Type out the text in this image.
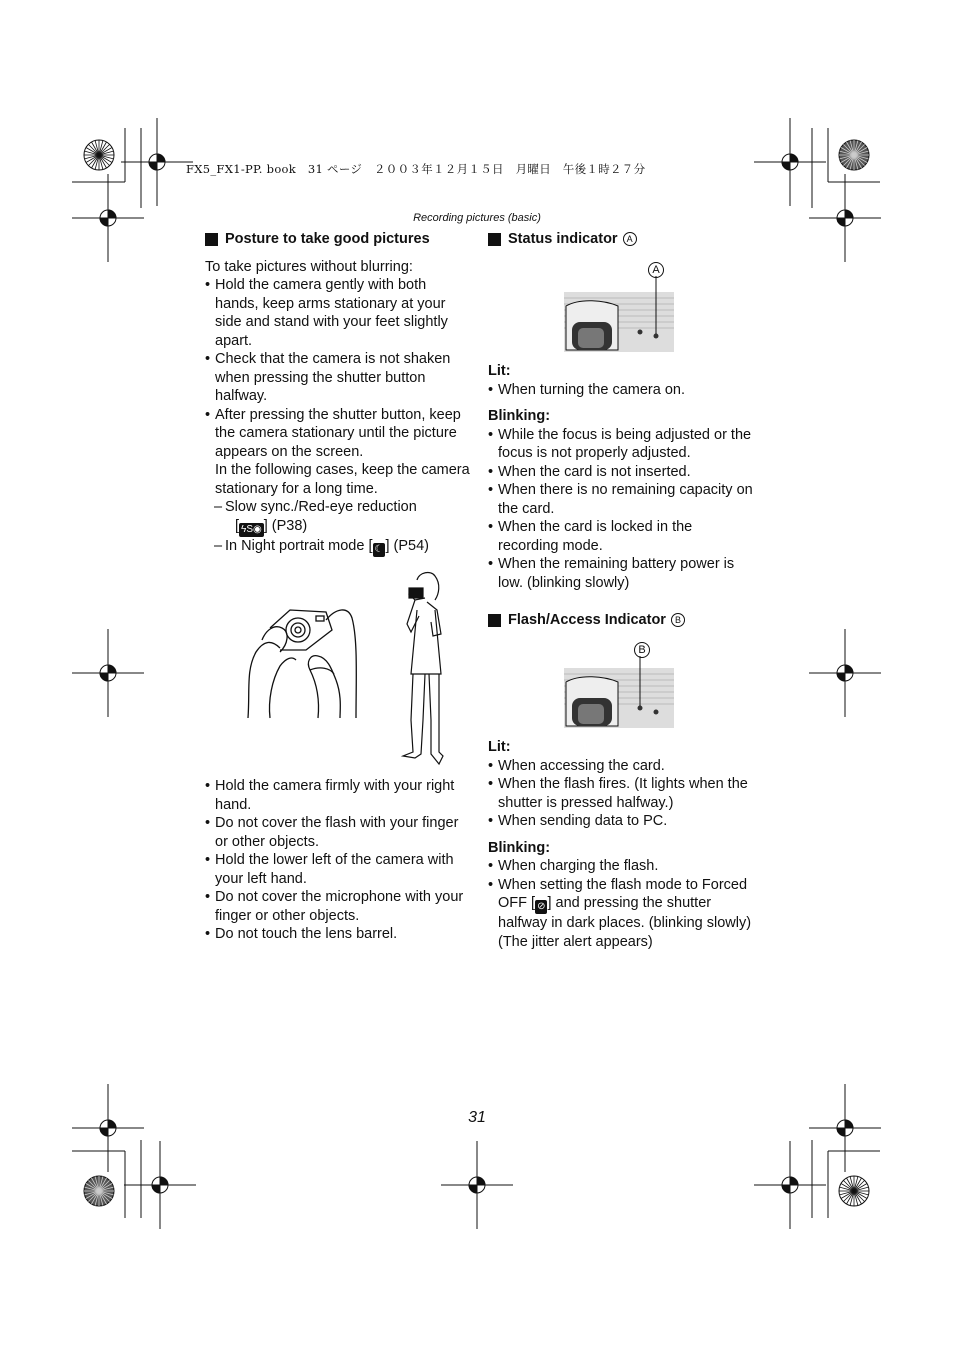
FX5_FX1-PP. book　31 ページ　２００３年１２月１５日　月曜日　午後１時２７分
Recording pictures (basic)
Posture to take good pictures
To take pictures without blurring:
• Hold the camera gently with both hands, keep arms stationary at your side and stand with your feet slightly apart.
• Check that the camera is not shaken when pressing the shutter button halfway.
• After pressing the shutter button, keep the camera stationary until the picture appears on the screen.
In the following cases, keep the camera stationary for a long time.
– Slow sync./Red-eye reduction
[ ϟS◉ ] (P38)
– In Night portrait mode [ ☾ ] (P54)
• Hold the camera firmly with your right hand.
• Do not cover the flash with your finger or other objects.
• Hold the lower left of the camera with your left hand.
• Do not cover the microphone with your finger or other objects.
• Do not touch the lens barrel.
Status indicator A
A
Lit:
• When turning the camera on.
Blinking:
• While the focus is being adjusted or the focus is not properly adjusted.
• When the card is not inserted.
• When there is no remaining capacity on the card.
• When the card is locked in the recording mode.
• When the remaining battery power is low. (blinking slowly)
Flash/Access Indicator B
B
Lit:
• When accessing the card.
• When the flash fires. (It lights when the shutter is pressed halfway.)
• When sending data to PC.
Blinking:
• When charging the flash.
• When setting the flash mode to Forced OFF [ ⊘ ] and pressing the shutter halfway in dark places. (blinking slowly) (The jitter alert appears)
31
